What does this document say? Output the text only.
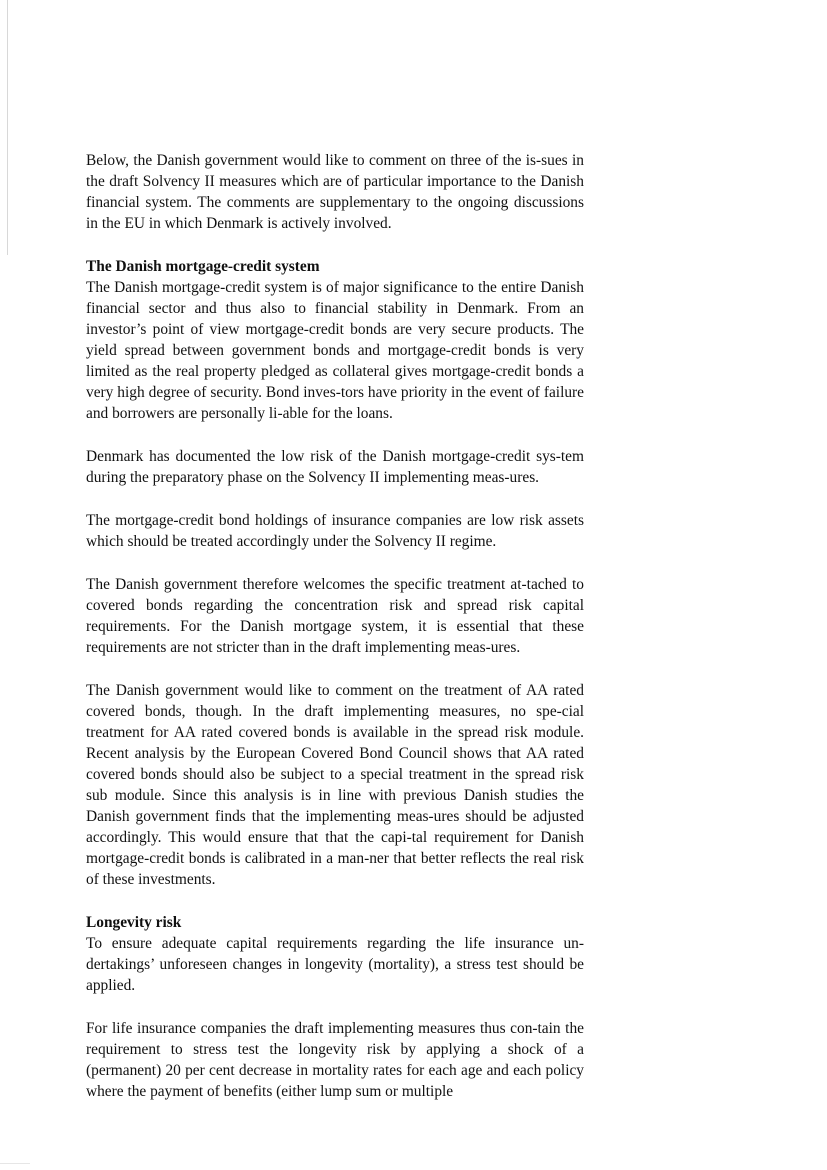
Below, the Danish government would like to comment on three of the is-sues in the draft Solvency II measures which are of particular importance to the Danish financial system. The comments are supplementary to the ongoing discussions in the EU in which Denmark is actively involved.

The Danish mortgage-credit system

The Danish mortgage-credit system is of major significance to the entire Danish financial sector and thus also to financial stability in Denmark. From an investor’s point of view mortgage-credit bonds are very secure products. The yield spread between government bonds and mortgage-credit bonds is very limited as the real property pledged as collateral gives mortgage-credit bonds a very high degree of security. Bond inves-tors have priority in the event of failure and borrowers are personally li-able for the loans.

Denmark has documented the low risk of the Danish mortgage-credit sys-tem during the preparatory phase on the Solvency II implementing meas-ures.

The mortgage-credit bond holdings of insurance companies are low risk assets which should be treated accordingly under the Solvency II regime.

The Danish government therefore welcomes the specific treatment at-tached to covered bonds regarding the concentration risk and spread risk capital requirements. For the Danish mortgage system, it is essential that these requirements are not stricter than in the draft implementing meas-ures.

The Danish government would like to comment on the treatment of AA rated covered bonds, though. In the draft implementing measures, no spe-cial treatment for AA rated covered bonds is available in the spread risk module. Recent analysis by the European Covered Bond Council shows that AA rated covered bonds should also be subject to a special treatment in the spread risk sub module. Since this analysis is in line with previous Danish studies the Danish government finds that the implementing meas-ures should be adjusted accordingly. This would ensure that that the capi-tal requirement for Danish mortgage-credit bonds is calibrated in a man-ner that better reflects the real risk of these investments.

Longevity risk

To ensure adequate capital requirements regarding the life insurance un-dertakings’ unforeseen changes in longevity (mortality), a stress test should be applied.

For life insurance companies the draft implementing measures thus con-tain the requirement to stress test the longevity risk by applying a shock of a (permanent) 20 per cent decrease in mortality rates for each age and each policy where the payment of benefits (either lump sum or multiple
